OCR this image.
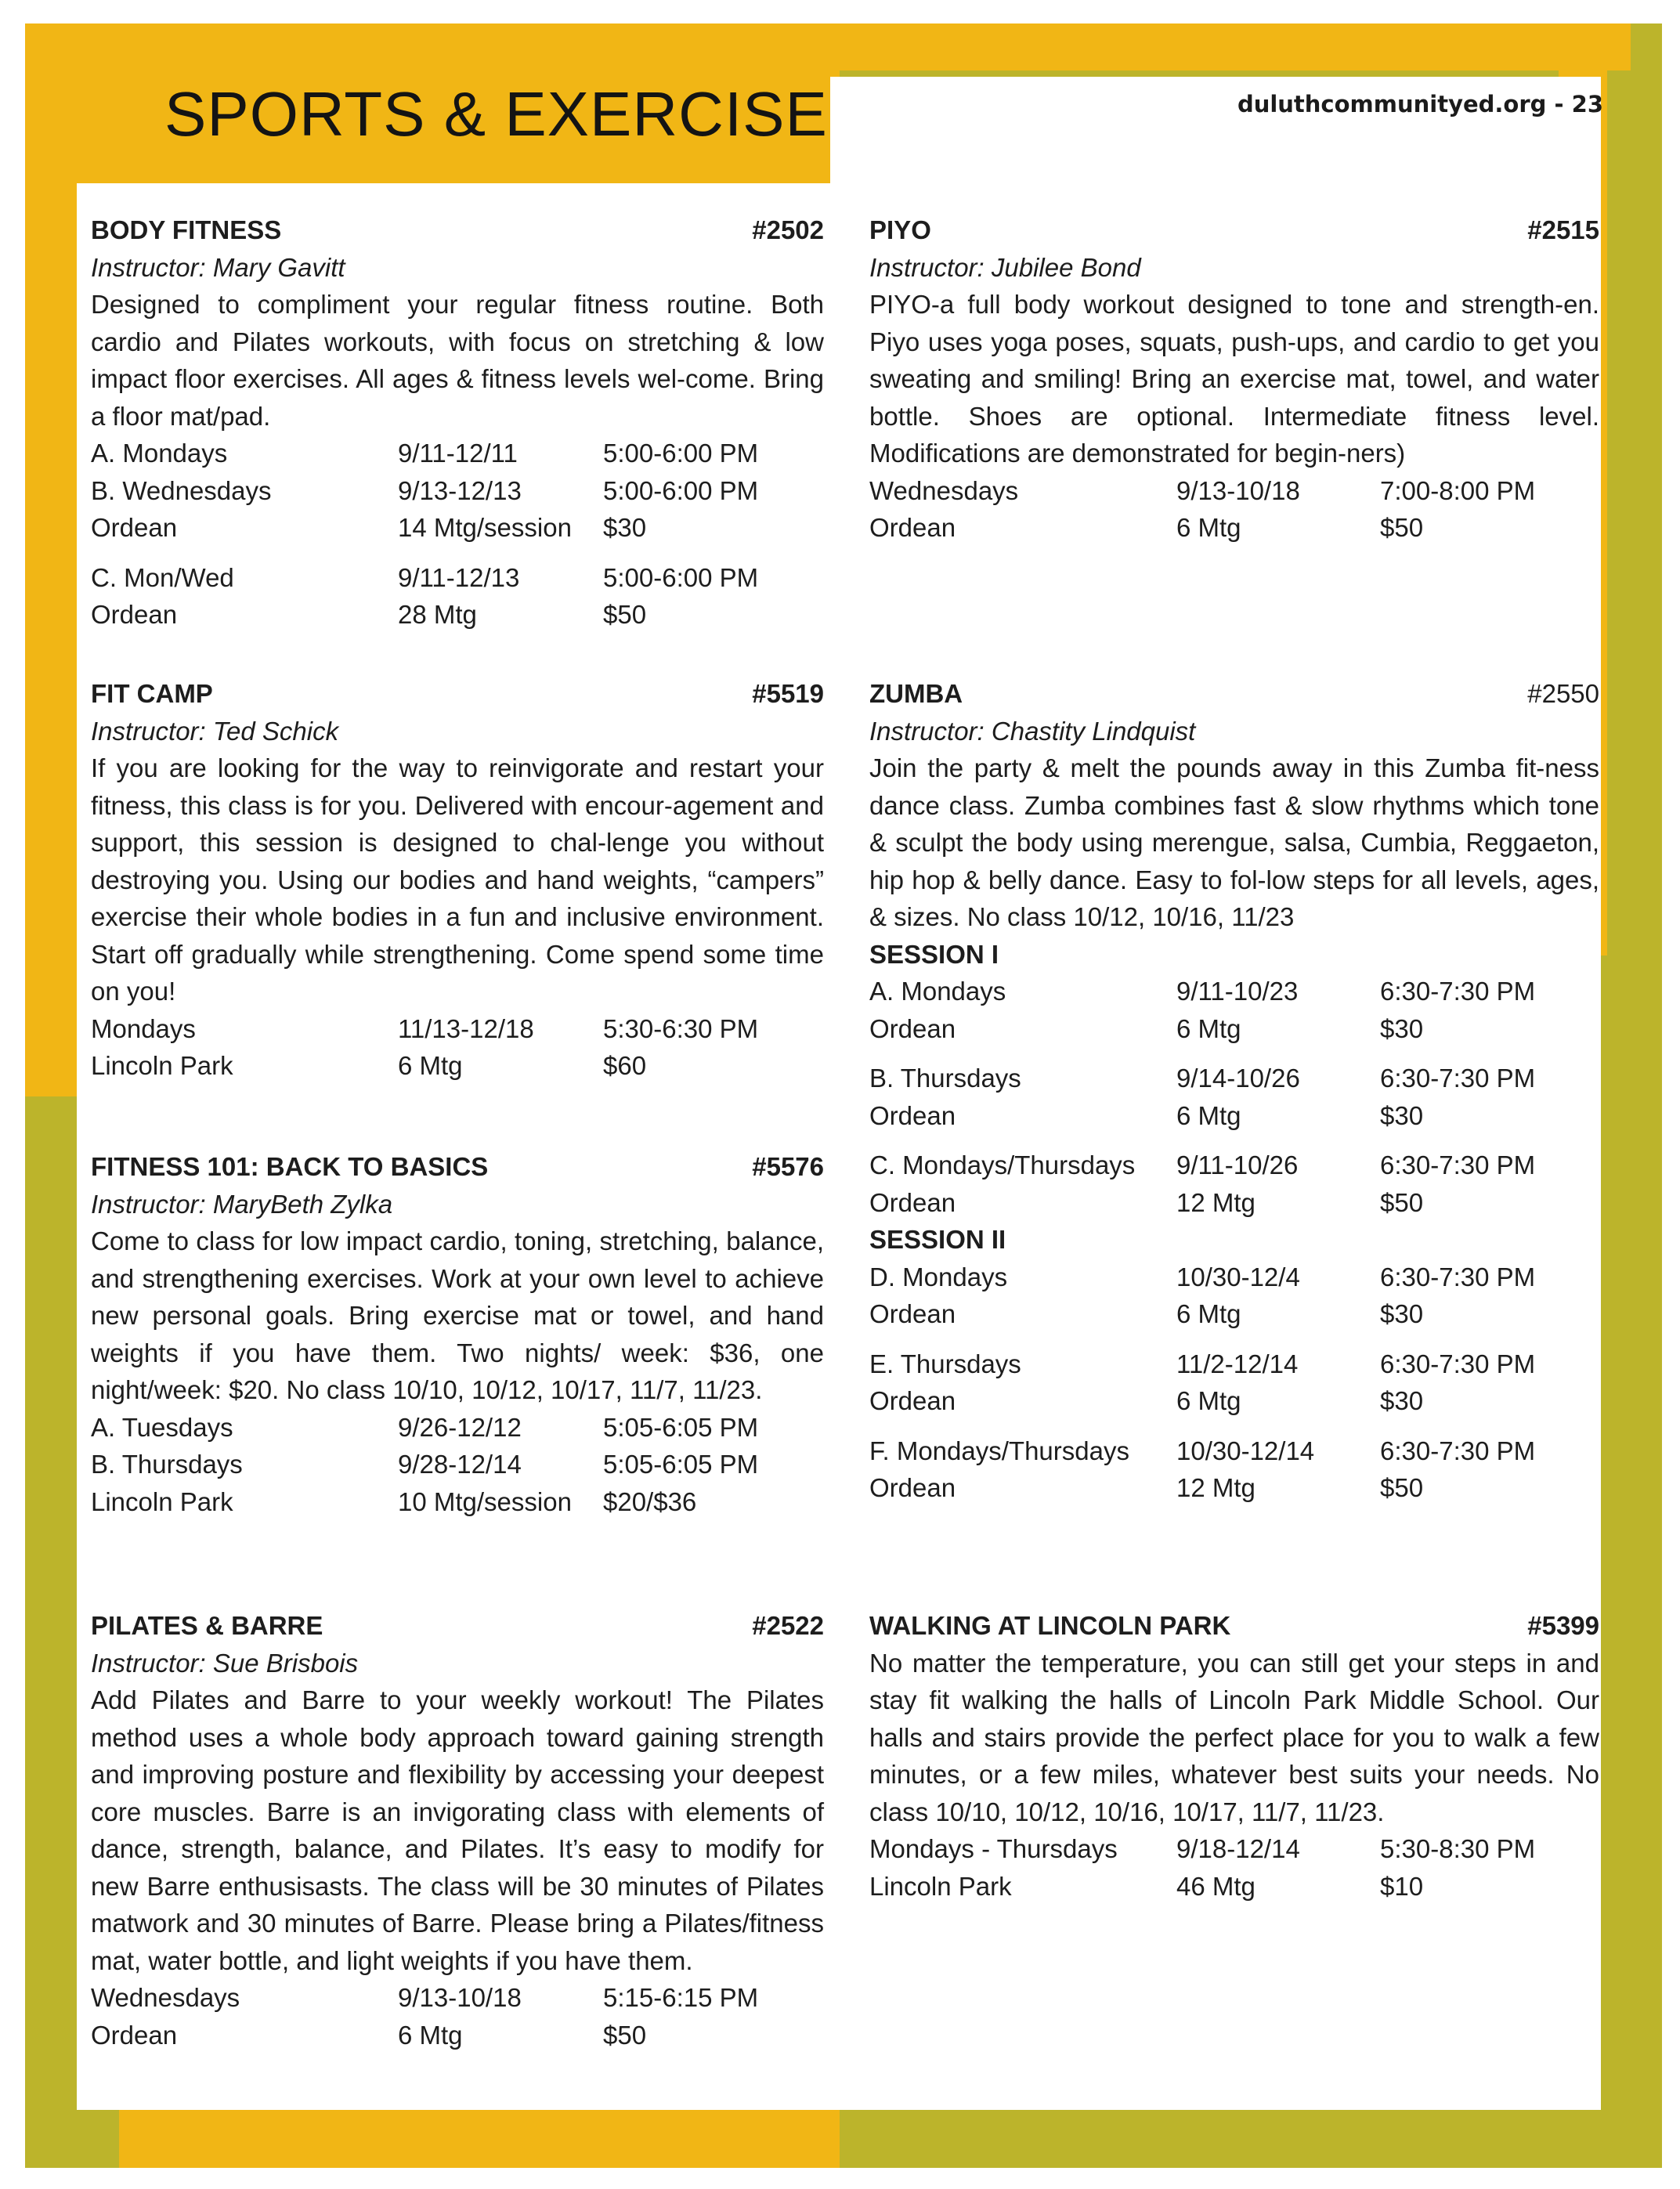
SPORTS & EXERCISE	duluthcommunityed.org - 23
BODY FITNESS	#2502
Instructor: Mary Gavitt
Designed to compliment your regular fitness routine. Both cardio and Pilates workouts, with focus on stretching & low impact floor exercises. All ages & fitness levels wel-come. Bring a floor mat/pad.
A. Mondays	9/11-12/11	5:00-6:00 PM
B. Wednesdays	9/13-12/13	5:00-6:00 PM
Ordean	14 Mtg/session	$30
C. Mon/Wed	9/11-12/13	5:00-6:00 PM
Ordean	28 Mtg	$50
FIT CAMP	#5519
Instructor: Ted Schick
If you are looking for the way to reinvigorate and restart your fitness, this class is for you. Delivered with encour-agement and support, this session is designed to chal-lenge you without destroying you. Using our bodies and hand weights, “campers” exercise their whole bodies in a fun and inclusive environment. Start off gradually while strengthening. Come spend some time on you!
Mondays	11/13-12/18	5:30-6:30 PM
Lincoln Park	6 Mtg	$60
FITNESS 101: BACK TO BASICS	#5576
Instructor: MaryBeth Zylka
Come to class for low impact cardio, toning, stretching, balance, and strengthening exercises. Work at your own level to achieve new personal goals. Bring exercise mat or towel, and hand weights if you have them. Two nights/ week: $36, one night/week: $20. No class 10/10, 10/12, 10/17, 11/7, 11/23.
A. Tuesdays	9/26-12/12	5:05-6:05 PM
B. Thursdays	9/28-12/14	5:05-6:05 PM
Lincoln Park	10 Mtg/session	$20/$36
PILATES & BARRE	#2522
Instructor: Sue Brisbois
Add Pilates and Barre to your weekly workout! The Pilates method uses a whole body approach toward gaining strength and improving posture and flexibility by accessing your deepest core muscles. Barre is an invigorating class with elements of dance, strength, balance, and Pilates. It’s easy to modify for new Barre enthusisasts. The class will be 30 minutes of Pilates matwork and 30 minutes of Barre. Please bring a Pilates/fitness mat, water bottle, and light weights if you have them.
Wednesdays	9/13-10/18	5:15-6:15 PM
Ordean	6 Mtg	$50
PIYO	#2515
Instructor: Jubilee Bond
PIYO-a full body workout designed to tone and strength-en. Piyo uses yoga poses, squats, push-ups, and cardio to get you sweating and smiling! Bring an exercise mat, towel, and water bottle. Shoes are optional. Intermediate fitness level. Modifications are demonstrated for begin-ners)
Wednesdays	9/13-10/18	7:00-8:00 PM
Ordean	6 Mtg	$50
ZUMBA	#2550
Instructor: Chastity Lindquist
Join the party & melt the pounds away in this Zumba fit-ness dance class. Zumba combines fast & slow rhythms which tone & sculpt the body using merengue, salsa, Cumbia, Reggaeton, hip hop & belly dance. Easy to fol-low steps for all levels, ages, & sizes. No class 10/12, 10/16, 11/23
SESSION I
A. Mondays	9/11-10/23	6:30-7:30 PM
Ordean	6 Mtg	$30
B. Thursdays	9/14-10/26	6:30-7:30 PM
Ordean	6 Mtg	$30
C. Mondays/Thursdays	9/11-10/26	6:30-7:30 PM
Ordean	12 Mtg	$50
SESSION II
D. Mondays	10/30-12/4	6:30-7:30 PM
Ordean	6 Mtg	$30
E. Thursdays	11/2-12/14	6:30-7:30 PM
Ordean	6 Mtg	$30
F. Mondays/Thursdays	10/30-12/14	6:30-7:30 PM
Ordean	12 Mtg	$50
WALKING AT LINCOLN PARK	#5399
No matter the temperature, you can still get your steps in and stay fit walking the halls of Lincoln Park Middle School. Our halls and stairs provide the perfect place for you to walk a few minutes, or a few miles, whatever best suits your needs. No class 10/10, 10/12, 10/16, 10/17, 11/7, 11/23.
Mondays - Thursdays	9/18-12/14	5:30-8:30 PM
Lincoln Park	46 Mtg	$10
